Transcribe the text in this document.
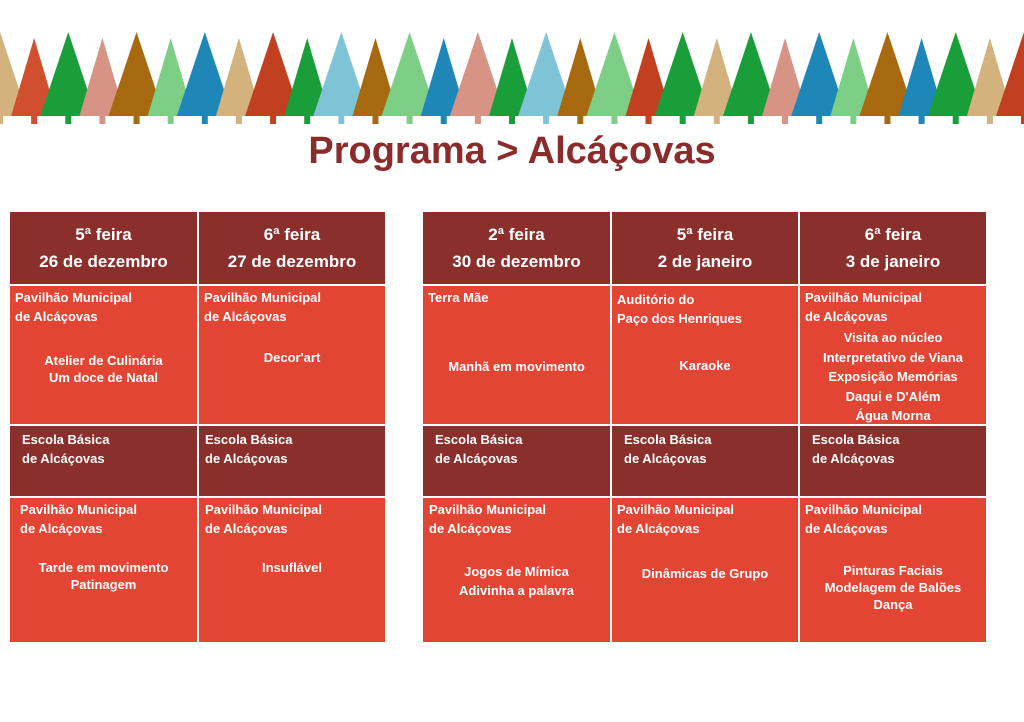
Programa > Alcáçovas
5ª feira
26 de dezembro
6ª feira
27 de dezembro
Pavilhão Municipal
de Alcáçovas
Atelier de Culinária
Um doce de Natal
Pavilhão Municipal
de Alcáçovas
Decor'art
Escola Básica
de Alcáçovas
Escola Básica
de Alcáçovas
Pavilhão Municipal
de Alcáçovas
Tarde em movimento
Patinagem
Pavilhão Municipal
de Alcáçovas
Insuflável
2ª feira
30 de dezembro
5ª feira
2 de janeiro
6ª feira
3 de janeiro
Terra Mãe
Manhã em movimento
Auditório do
Paço dos Henriques
Karaoke
Pavilhão Municipal
de Alcáçovas
Visita ao núcleo
Interpretativo de Viana
Exposição Memórias
Daqui e D'Além
Água Morna
Escola Básica
de Alcáçovas
Escola Básica
de Alcáçovas
Escola Básica
de Alcáçovas
Pavilhão Municipal
de Alcáçovas
Jogos de Mímica
Adivinha a palavra
Pavilhão Municipal
de Alcáçovas
Dinâmicas de Grupo
Pavilhão Municipal
de Alcáçovas
Pinturas Faciais
Modelagem de Balões
Dança
